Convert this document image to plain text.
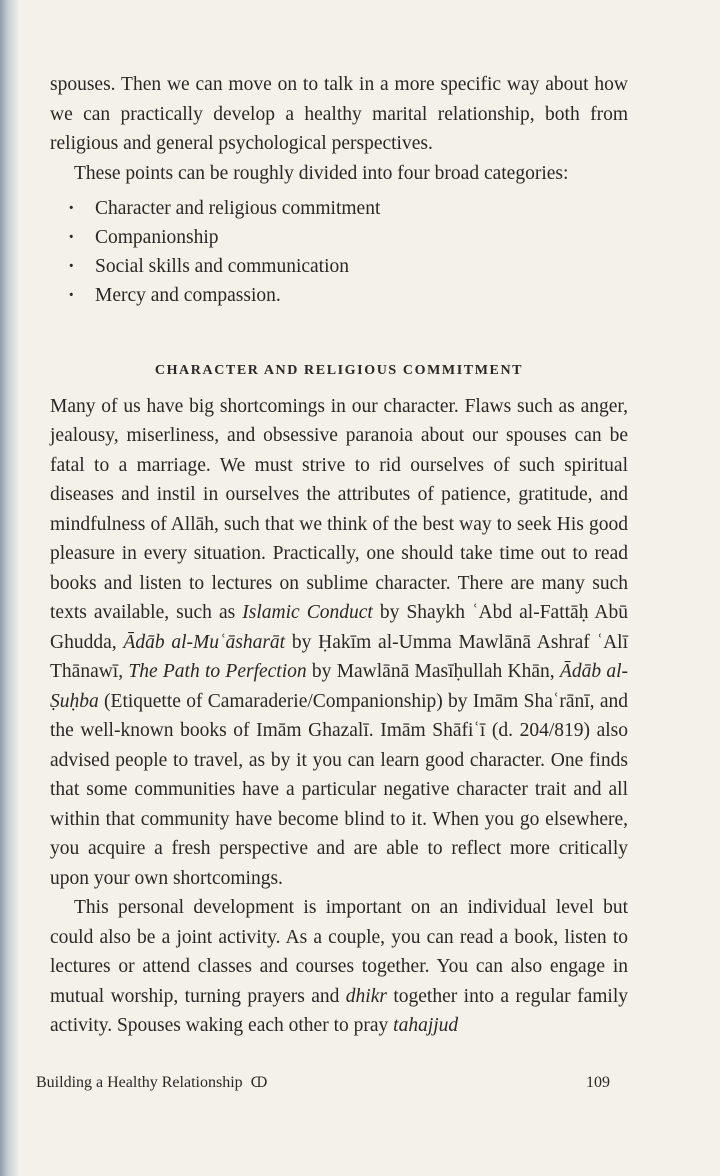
spouses. Then we can move on to talk in a more specific way about how we can practically develop a healthy marital relationship, both from religious and general psychological perspectives.

These points can be roughly divided into four broad categories:

· Character and religious commitment
· Companionship
· Social skills and communication
· Mercy and compassion.
CHARACTER AND RELIGIOUS COMMITMENT

Many of us have big shortcomings in our character. Flaws such as anger, jealousy, miserliness, and obsessive paranoia about our spouses can be fatal to a marriage. We must strive to rid ourselves of such spiritual diseases and instil in ourselves the attributes of patience, gratitude, and mindfulness of Allāh, such that we think of the best way to seek His good pleasure in every situation. Practically, one should take time out to read books and listen to lectures on sublime character. There are many such texts available, such as Islamic Conduct by Shaykh ʿAbd al-Fattāḥ Abū Ghudda, Ādāb al-Muʿāsharāt by Ḥakīm al-Umma Mawlānā Ashraf ʿAlī Thānawī, The Path to Perfection by Mawlānā Masīḥullah Khān, Ādāb al-Ṣuḥba (Etiquette of Camaraderie/Companionship) by Imām Shaʿrānī, and the well-known books of Imām Ghazalī. Imām Shāfiʿī (d. 204/819) also advised people to travel, as by it you can learn good character. One finds that some communities have a particular negative character trait and all within that community have become blind to it. When you go elsewhere, you acquire a fresh perspective and are able to reflect more critically upon your own shortcomings.

This personal development is important on an individual level but could also be a joint activity. As a couple, you can read a book, listen to lectures or attend classes and courses together. You can also engage in mutual worship, turning prayers and dhikr together into a regular family activity. Spouses waking each other to pray tahajjud

Building a Healthy Relationship ↀ	109
